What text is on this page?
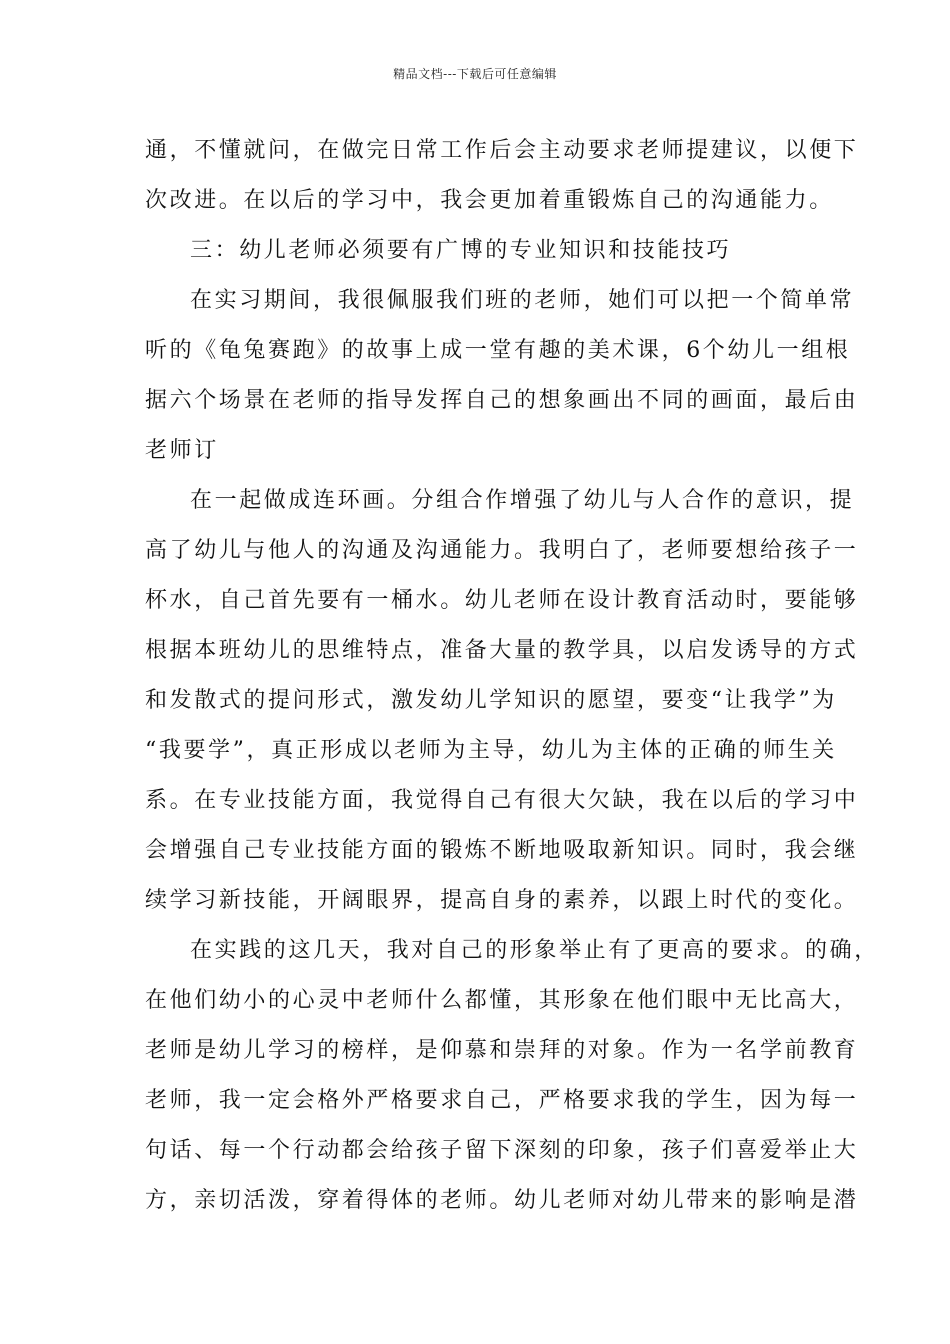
精品文档---下载后可任意编辑
通，不懂就问，在做完日常工作后会主动要求老师提建议，以便下
次改进。在以后的学习中，我会更加着重锻炼自己的沟通能力。
三：幼儿老师必须要有广博的专业知识和技能技巧
在实习期间，我很佩服我们班的老师，她们可以把一个简单常
听的《龟兔赛跑》的故事上成一堂有趣的美术课，6个幼儿一组根
据六个场景在老师的指导发挥自己的想象画出不同的画面，最后由
老师订
在一起做成连环画。分组合作增强了幼儿与人合作的意识，提
高了幼儿与他人的沟通及沟通能力。我明白了，老师要想给孩子一
杯水，自己首先要有一桶水。幼儿老师在设计教育活动时，要能够
根据本班幼儿的思维特点，准备大量的教学具，以启发诱导的方式
和发散式的提问形式，激发幼儿学知识的愿望，要变“让我学”为
“我要学”，真正形成以老师为主导，幼儿为主体的正确的师生关
系。在专业技能方面，我觉得自己有很大欠缺，我在以后的学习中
会增强自己专业技能方面的锻炼不断地吸取新知识。同时，我会继
续学习新技能，开阔眼界，提高自身的素养，以跟上时代的变化。
在实践的这几天，我对自己的形象举止有了更高的要求。的确，
在他们幼小的心灵中老师什么都懂，其形象在他们眼中无比高大，
老师是幼儿学习的榜样，是仰慕和崇拜的对象。作为一名学前教育
老师，我一定会格外严格要求自己，严格要求我的学生，因为每一
句话、每一个行动都会给孩子留下深刻的印象，孩子们喜爱举止大
方，亲切活泼，穿着得体的老师。幼儿老师对幼儿带来的影响是潜
